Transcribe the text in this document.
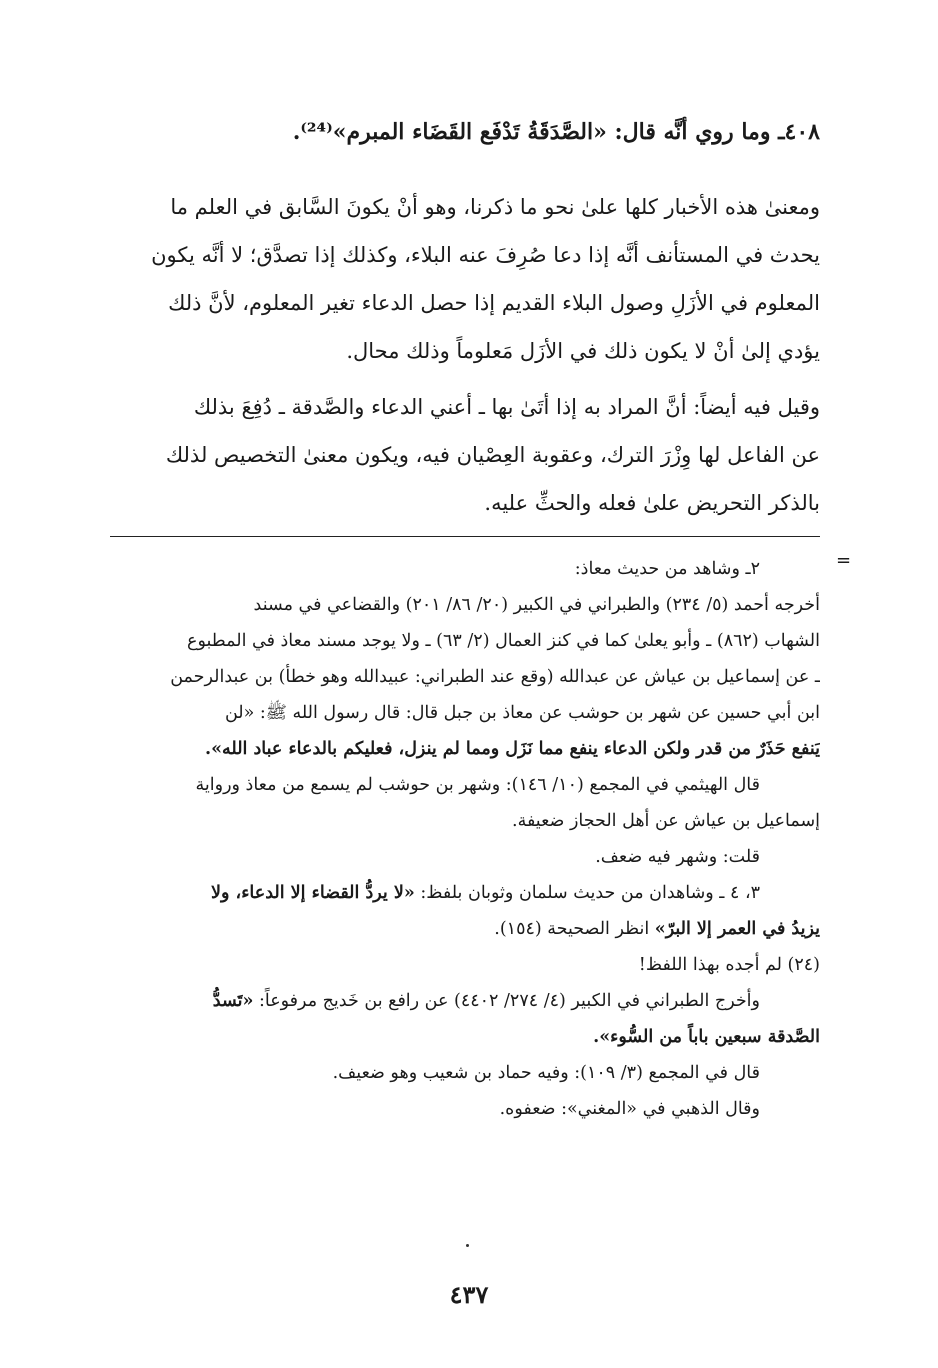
٤٠٨ـ وما روي أنَّه قال: «الصَّدَقَةُ تَدْفَع القَضَاء المبرم»⁽²⁴⁾.
ومعنىٰ هذه الأخبار كلها علىٰ نحو ما ذكرنا، وهو أنْ يكونَ السَّابق في العلم ما
يحدث في المستأنف أنَّه إذا دعا صُرِفَ عنه البلاء، وكذلك إذا تصدَّق؛ لا أنَّه يكون
المعلوم في الأزَلِ وصول البلاء القديم إذا حصل الدعاء تغير المعلوم، لأنَّ ذلك
يؤدي إلىٰ أنْ لا يكون ذلك في الأزَل مَعلوماً وذلك محال.
وقيل فيه أيضاً: أنَّ المراد به إذا أتَىٰ بها ـ أعني الدعاء والصَّدقة ـ دُفِعَ بذلك
عن الفاعل لها وِزْرَ الترك، وعقوبة العِصْيان فيه، ويكون معنىٰ التخصيص لذلك
بالذكر التحريض علىٰ فعله والحثِّ عليه.
=
٢ـ وشاهد من حديث معاذ:
أخرجه أحمد (٥/ ٢٣٤) والطبراني في الكبير (٢٠/ ٨٦/ ٢٠١) والقضاعي في مسند
الشهاب (٨٦٢) ـ وأبو يعلىٰ كما في كنز العمال (٢/ ٦٣) ـ ولا يوجد مسند معاذ في المطبوع
ـ عن إسماعيل بن عياش عن عبدالله (وقع عند الطبراني: عبيدالله وهو خطأ) بن عبدالرحمن
ابن أبي حسين عن شهر بن حوشب عن معاذ بن جبل قال: قال رسول الله ﷺ: «لن
يَنفع حَذَرٌ من قدر ولكن الدعاء ينفع مما نَزَل ومما لم ينزل، فعليكم بالدعاء عباد الله».
قال الهيثمي في المجمع (١٠/ ١٤٦): وشهر بن حوشب لم يسمع من معاذ ورواية
إسماعيل بن عياش عن أهل الحجاز ضعيفة.
قلت: وشهر فيه ضعف.
٣، ٤ ـ وشاهدان من حديث سلمان وثوبان بلفظ: «لا يردُّ القضاء إلا الدعاء، ولا
يزيدُ في العمر إلا البرّ» انظر الصحيحة (١٥٤).
(٢٤) لم أجده بهذا اللفظ!
وأخرج الطبراني في الكبير (٤/ ٢٧٤/ ٤٤٠٢) عن رافع بن خَديج مرفوعاً: «تَسدُّ
الصَّدقة سبعين باباً من السُّوء».
قال في المجمع (٣/ ١٠٩): وفيه حماد بن شعيب وهو ضعيف.
وقال الذهبي في «المغني»: ضعفوه.
٤٣٧
